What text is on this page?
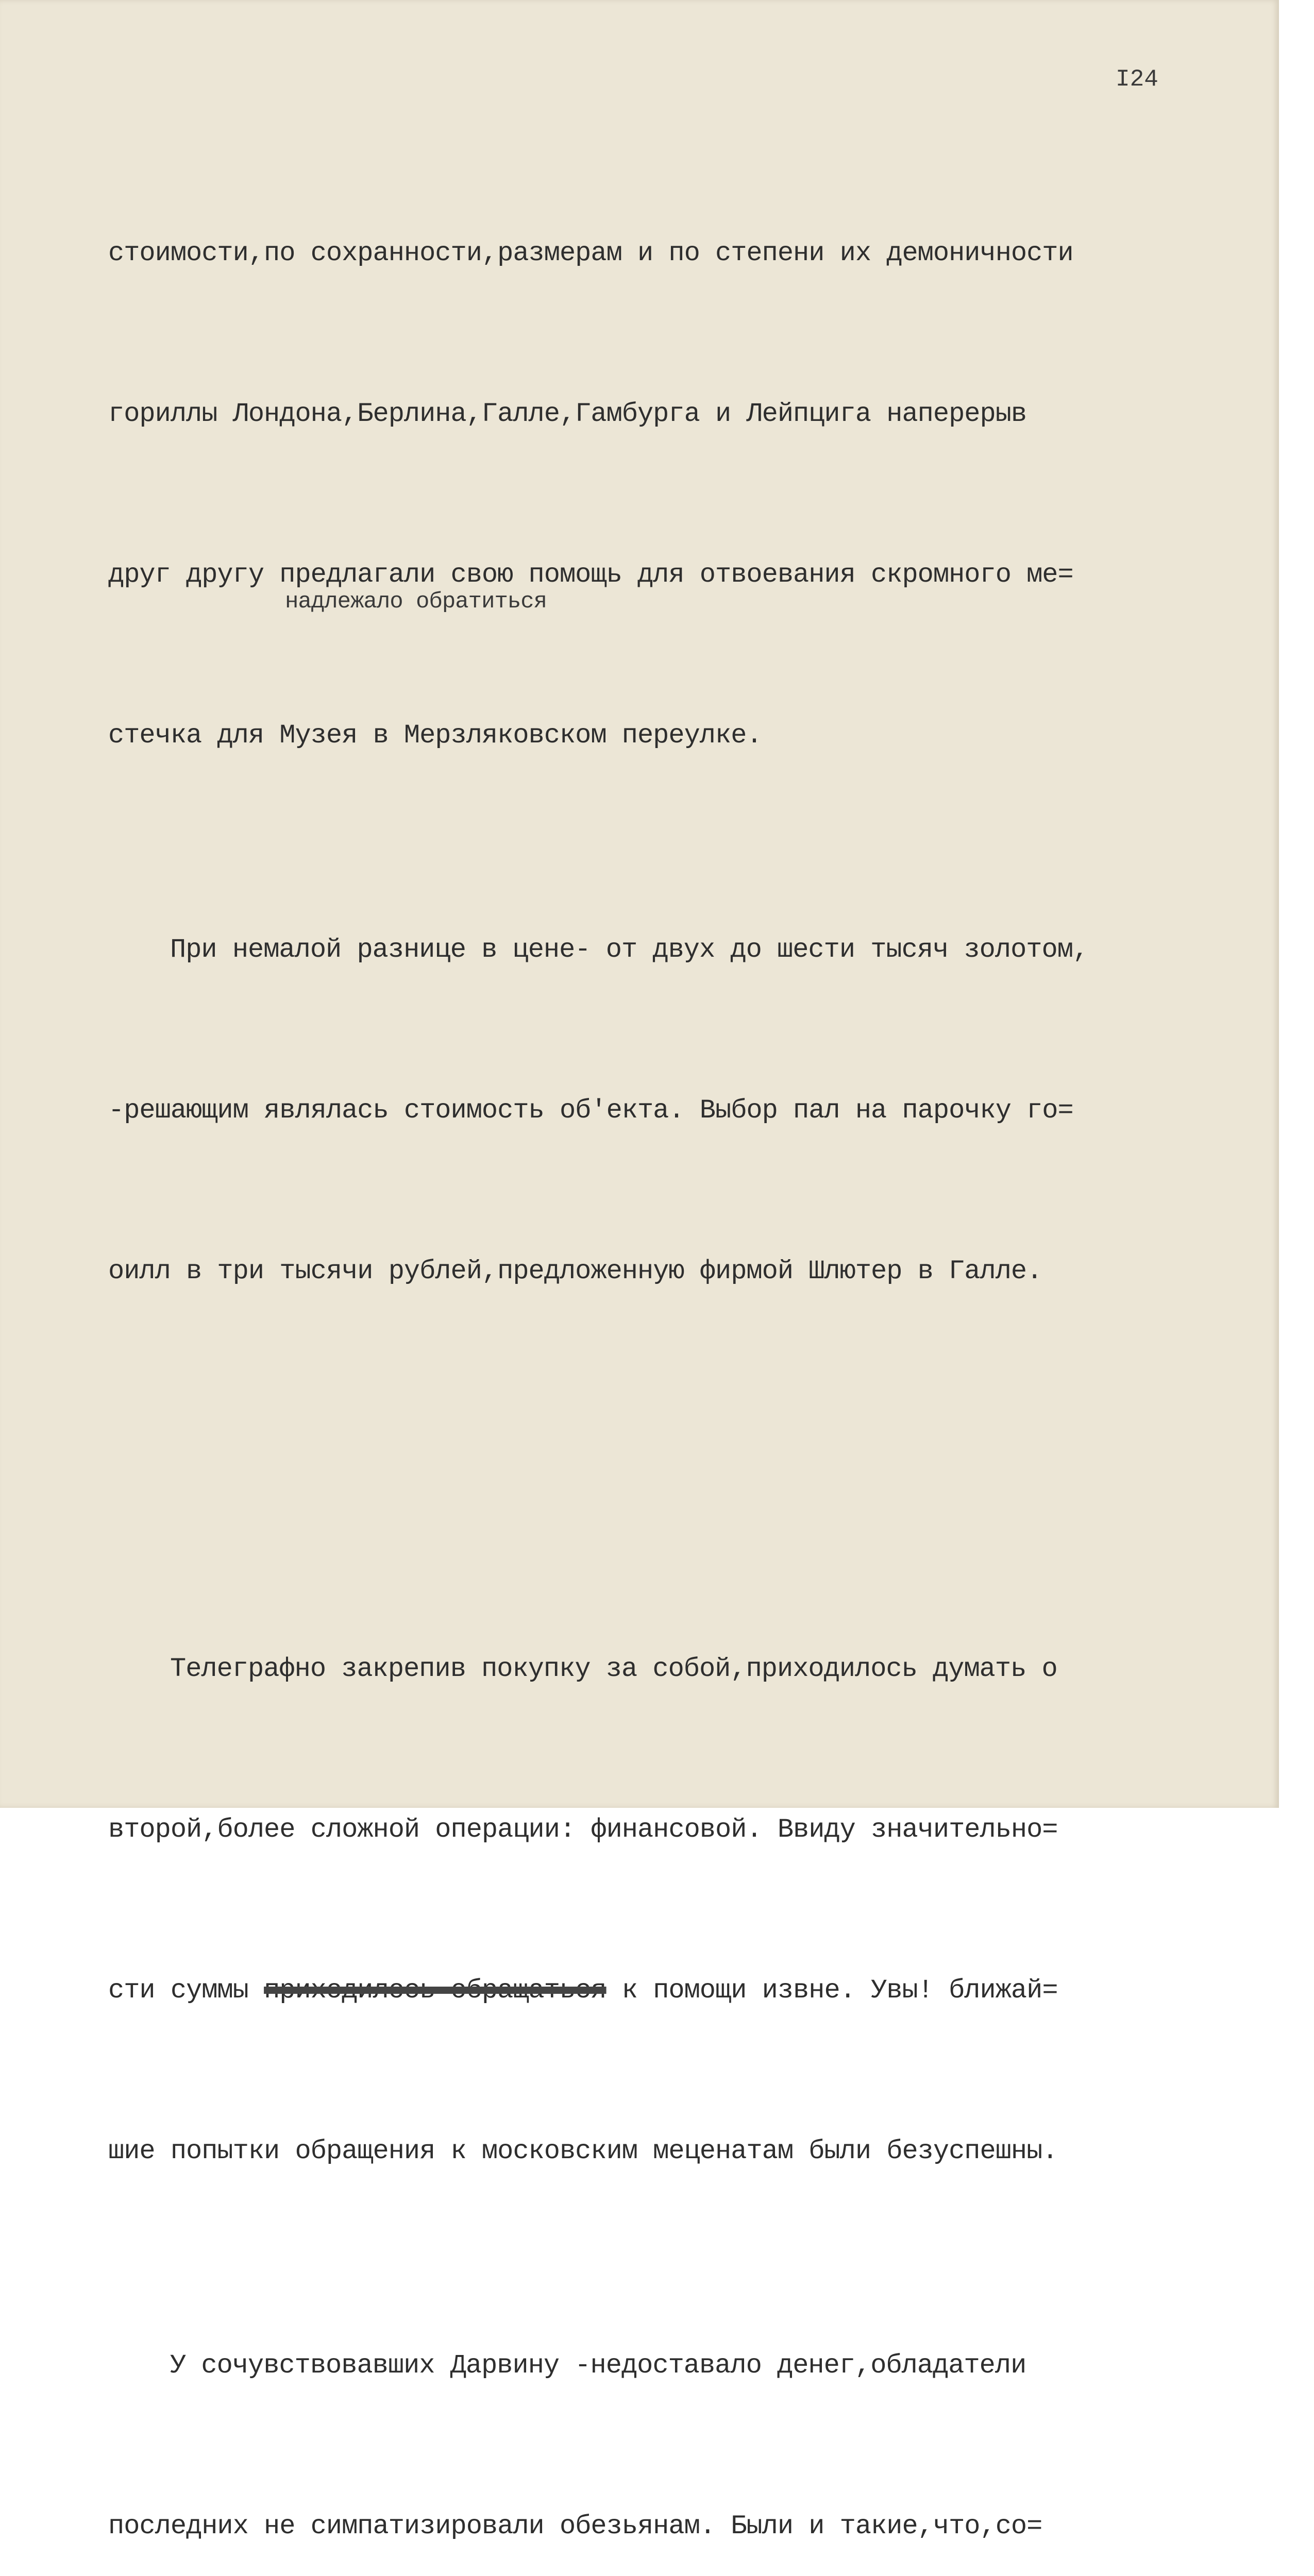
I24
надлежало обратиться

стоимости,по сохранности,размерам и по степени их демоничности

гориллы Лондона,Берлина,Галле,Гамбурга и Лейпцига наперерыв

друг другу предлагали свою помощь для отвоевания скромного ме=

стечка для Музея в Мерзляковском переулке.

При немалой разнице в цене- от двух до шести тысяч золотом,

-решающим являлась стоимость об'екта. Выбор пал на парочку го=

оилл в три тысячи рублей,предложенную фирмой Шлютер в Галле.

Телеграфно закрепив покупку за собой,приходилось думать о

второй,более сложной операции: финансовой. Ввиду значительно=

сти суммы приходилось обращаться к помощи извне. Увы! ближай=

шие попытки обращения к московским меценатам были безуспешны.

У сочувствовавших Дарвину -недоставало денег,обладатели

последних не симпатизировали обезьянам. Были и такие,что,со=
